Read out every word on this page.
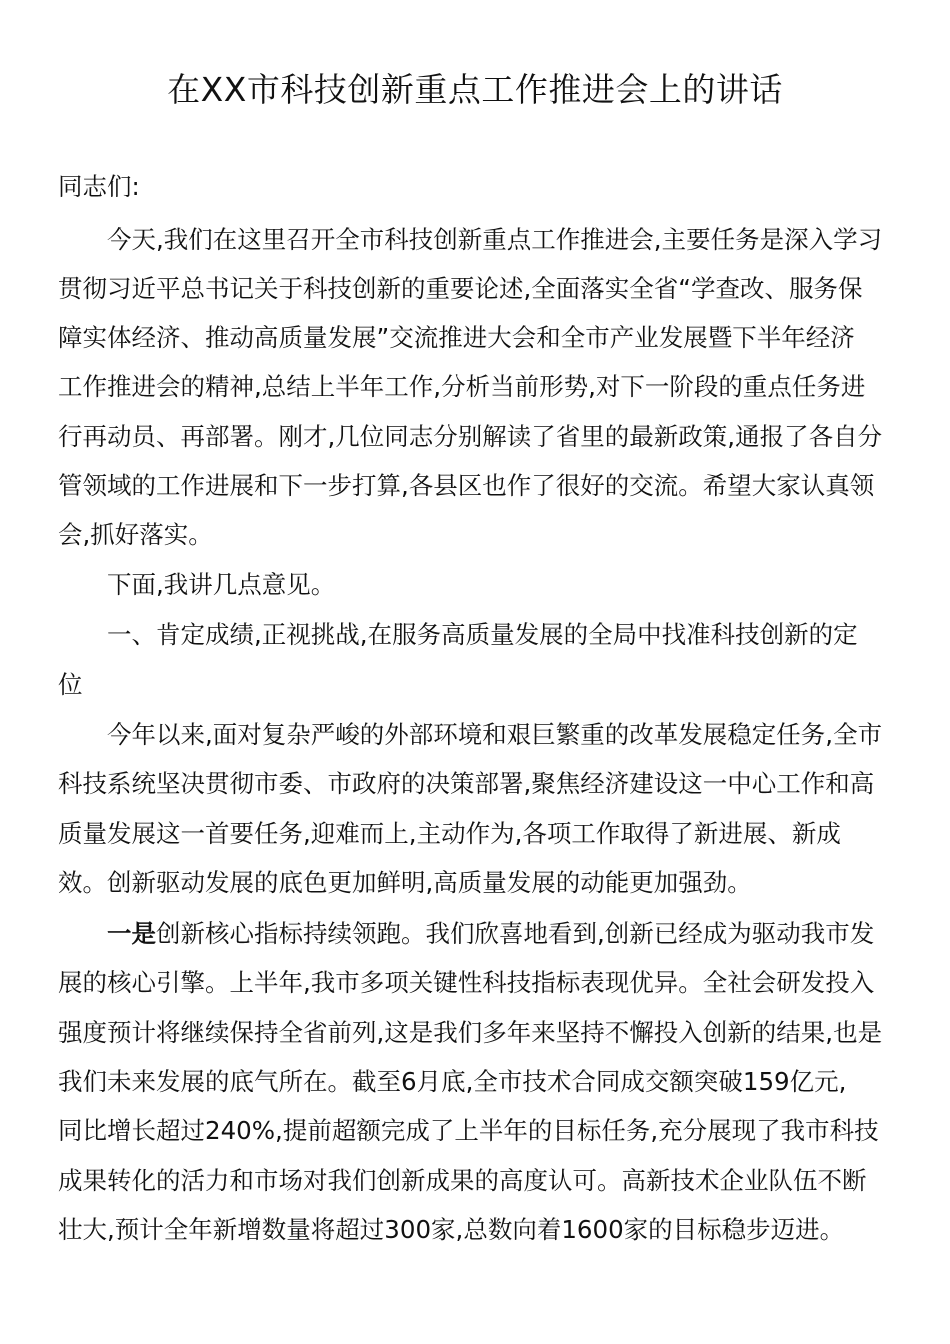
在XX市科技创新重点工作推进会上的讲话

同志们:

今天,我们在这里召开全市科技创新重点工作推进会,主要任务是深入学习

贯彻习近平总书记关于科技创新的重要论述,全面落实全省“学查改、服务保

障实体经济、推动高质量发展”交流推进大会和全市产业发展暨下半年经济

工作推进会的精神,总结上半年工作,分析当前形势,对下一阶段的重点任务进

行再动员、再部署。刚才,几位同志分别解读了省里的最新政策,通报了各自分

管领域的工作进展和下一步打算,各县区也作了很好的交流。希望大家认真领

会,抓好落实。

下面,我讲几点意见。

一、肯定成绩,正视挑战,在服务高质量发展的全局中找准科技创新的定

位

今年以来,面对复杂严峻的外部环境和艰巨繁重的改革发展稳定任务,全市

科技系统坚决贯彻市委、市政府的决策部署,聚焦经济建设这一中心工作和高

质量发展这一首要任务,迎难而上,主动作为,各项工作取得了新进展、新成

效。创新驱动发展的底色更加鲜明,高质量发展的动能更加强劲。

一是创新核心指标持续领跑。我们欣喜地看到,创新已经成为驱动我市发

展的核心引擎。上半年,我市多项关键性科技指标表现优异。全社会研发投入

强度预计将继续保持全省前列,这是我们多年来坚持不懈投入创新的结果,也是

我们未来发展的底气所在。截至6月底,全市技术合同成交额突破159亿元,

同比增长超过240%,提前超额完成了上半年的目标任务,充分展现了我市科技

成果转化的活力和市场对我们创新成果的高度认可。高新技术企业队伍不断

壮大,预计全年新增数量将超过300家,总数向着1600家的目标稳步迈进。
